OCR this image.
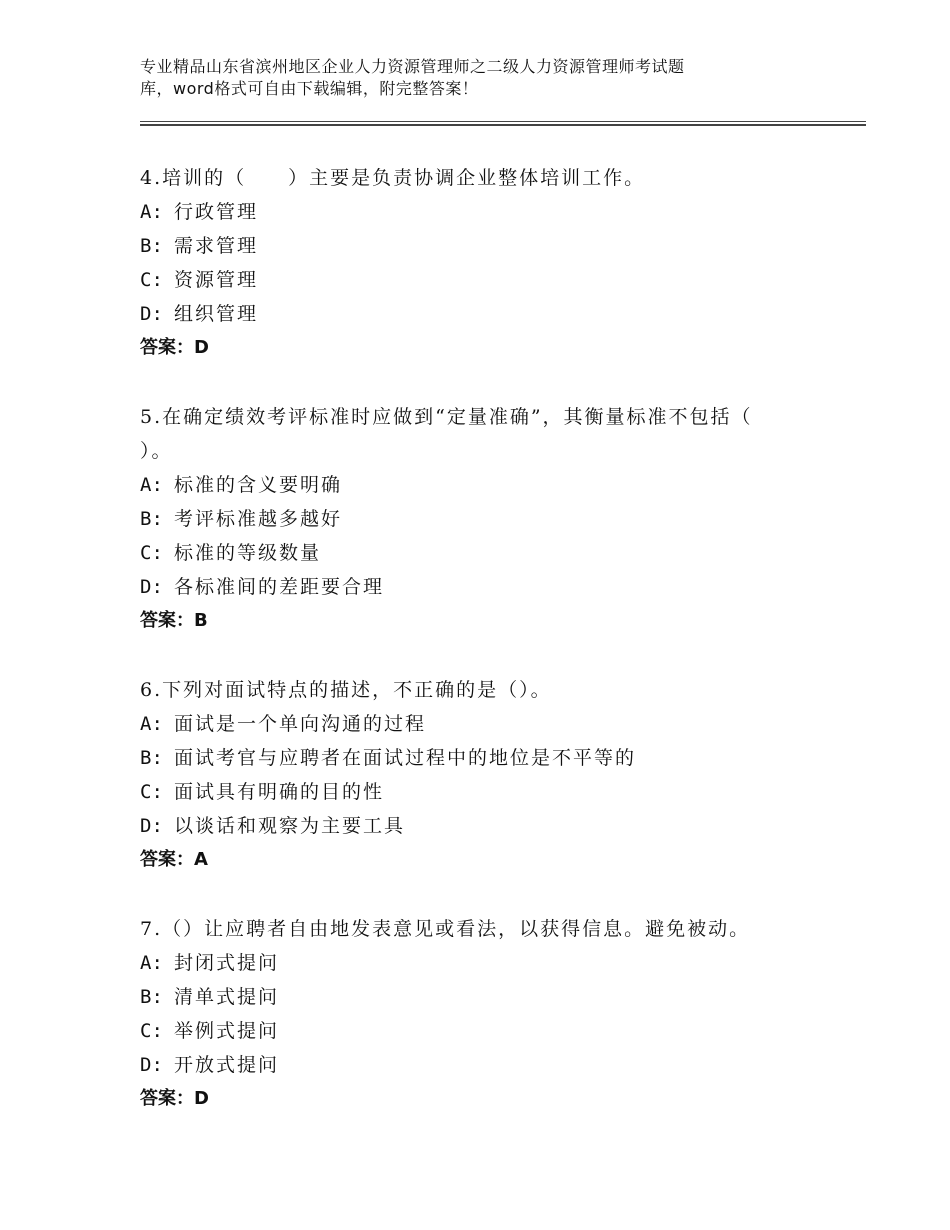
专业精品山东省滨州地区企业人力资源管理师之二级人力资源管理师考试题
库，word格式可自由下载编辑，附完整答案！
4.培训的（　　）主要是负责协调企业整体培训工作。
A: 行政管理
B: 需求管理
C: 资源管理
D: 组织管理
答案：D
5.在确定绩效考评标准时应做到“定量准确”，其衡量标准不包括（
）。
A: 标准的含义要明确
B: 考评标准越多越好
C: 标准的等级数量
D: 各标准间的差距要合理
答案：B
6.下列对面试特点的描述，不正确的是（）。
A: 面试是一个单向沟通的过程
B: 面试考官与应聘者在面试过程中的地位是不平等的
C: 面试具有明确的目的性
D: 以谈话和观察为主要工具
答案：A
7.（）让应聘者自由地发表意见或看法，以获得信息。避免被动。
A: 封闭式提问
B: 清单式提问
C: 举例式提问
D: 开放式提问
答案：D
